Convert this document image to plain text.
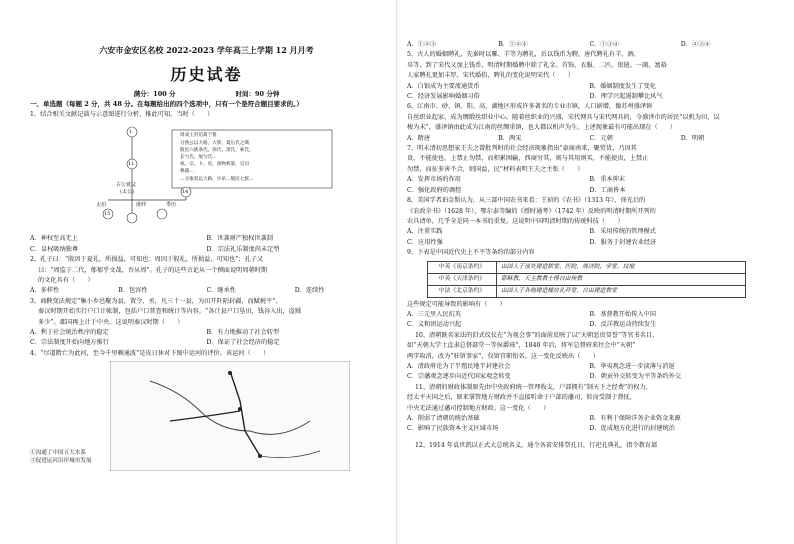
六安市金安区名校 2022-2023 学年高三上学期 12 月月考
历史试卷
满分：100 分	时间：90 分钟
一、单选题（每题 2 分，共 48 分。在每题给出的四个选项中，只有一个是符合题目要求的。）
1、结合相关文献记载与示意图进行分析，推此可知，当时（　　）
周成王封伯禽于鲁
分鲁公以大路，大旂，夏后氏之璜
殷民六族条氏、徐氏、萧氏、索氏、
长勺氏、尾勺氏…
祝、宗、卜、史，备物典策，官司
彝器…
…分康叔以大路、少帛…殷民七族…
1
11
14
15
古公亶父
(太公)
太伯	虞仲	季历
A．神权至高无上	B．世袭财产独权世袭制
C．皇权吸纳独尊	D．宗法礼乐制度尚未定型
2、孔子曰：“殷因于夏礼，所损益，可知也；周因于殷礼，所损益，可知也”；孔子又
曰：“周监于二代，郁郁乎文哉，吾从周”。孔子的这些言论从一个侧面说明周朝时期
的文化具有（　　）
A．多样性	B．包容性	C．继承性	D．连续性
3、商鞅变法规定“集小乡邑聚为县，置令、丞，凡三十一县，为田开阡陌封疆，而赋税平”。
秦汉时期开始实行户口计帐制，包括户口普查和统计等内容。“各计县户口垦田，钱谷入出，盗贼
多少”。郡国再上计于中央。这说明秦汉时期（　　）
A．利于社会统治秩序的稳定	B．有力地推动了社会转型
C．宗法制度开始向地方推行	D．保证了社会经济的稳定
4、“尽道隋亡为此河，至今千里赖通波”是皮日休对下图中运河的评价。该运河（　　）
①沟通了中国五大水系
③促进运河沿岸城市发展
A．①②③	B．①②④	C．①③④	D．②③④
5、古人的婚姻聘礼，先秦时以雁、羊等为聘礼，后以钱币为聘，唐代聘礼有羊、酒、
帛等，到了宋代又加上钱币，明清时期婚聘中除了礼金、首饰、衣服、二匹、银链、一副，富裕
人家聘礼更加丰厚。宋代婚俗，聘礼的变化说明宋代（　　）
A．白银成为主要流通货币	B．婚姻制度发生了变化
C．经济发展影响婚姻习俗	D．理学兴起遏制攀比风气
6、江南市、砂、镇、阳、高、湖地区形成许多著名的专业市镇，人口剧增，像苏州盛泽镇
自丝织业起家，成为绸缎丝织业中心。随着丝织业的兴盛，宋代网具与宋代网具的，今盛泽市的居民“以机为田，以
梭为未”，盛泽镇由此成为江南的丝绸重镇，也大都以机声为生。上述现象最有可能出现在（　　）
A．隋唐	B．两宋	C．元朝	D．明朝
7、明末清初思想家王夫之曾批判时的社会经济现象指出“豪商南来，聚贸货，乃因其
贵，不能使也，上禁止勿禁，而积累困输，西商穷其，则与其用则买，不能使贵，上禁止
勿禁，而征多害不合，则国益，民”材料表明王夫之主张（　　）
A．发挥市场的作用	B．重本抑末
C．强化政府的调控	D．工商皆本
8、美国学者珀金斯认为，从三部中国农书来看：王祯的《农书》（1313 年）、徐光启的
《农政全书》（1628 年），鄂尔泰等编的《授时通考》（1742 年）反映的明清时期所开列的
农具清单，几乎全是同一本书的重复。这说明中国明清时期的传统科技（　　）
A．注重实践	B．采用传统的管理模式
C．应用性强	D．服务于封建农业经济
9、下表是中国近代史上不平等条约的部分内容
中英《南京条约》	由国人于该处建造数堂、医院、周济院、学堂、坟地
中英《天津条约》	耶稣教、天主教教士得自由传教
中法《北京条约》	由国人于各地建造楼房礼拜堂，自由建造教堂
这些规定可能导致的影响有（　　）
A．三元里人民抗英	B．基督教开始传入中国
C．义和团运动兴起	D．反洋教运动持续发生
10、清朝既名家法的旧式仪仗在“为视会事”的面前反映了以“天朝恶贵显誉”等官书名目，
如“天朝大学士直隶总督部堂一等侯爵琦”，1840 年后，将军总督府来往会中“天朝”
两字取消，改为“驻留事家”，仅留官职衔名。这一变化反映出（　　）
A．清政府沦为了半殖民地半封建社会	B．华夷观念进一步淡薄与消退
C．宗藩观念逐步向近代国家观念转变	D．朝贡外交转变为平等条约外交
11、清朝的财政体制原先由中央政府统一管理收支，户部拥有“制天下之经费”的权力，
经太平天国之后，原来掌管地方财政并不直接听命于户部的藩司，转而受制于督抚，
中央无法通过藩司控制地方财政。这一变化（　　）
A．削弱了清朝的统治基础	B．有利于保障洋务企业资金来源
C．影响了民族资本主义区域市场	D．促成地方化进行的封建统治
12、1914 年袁世凯以正式大总统名义，通令各省安排祭孔日，行祀孔典礼，指令教育部
